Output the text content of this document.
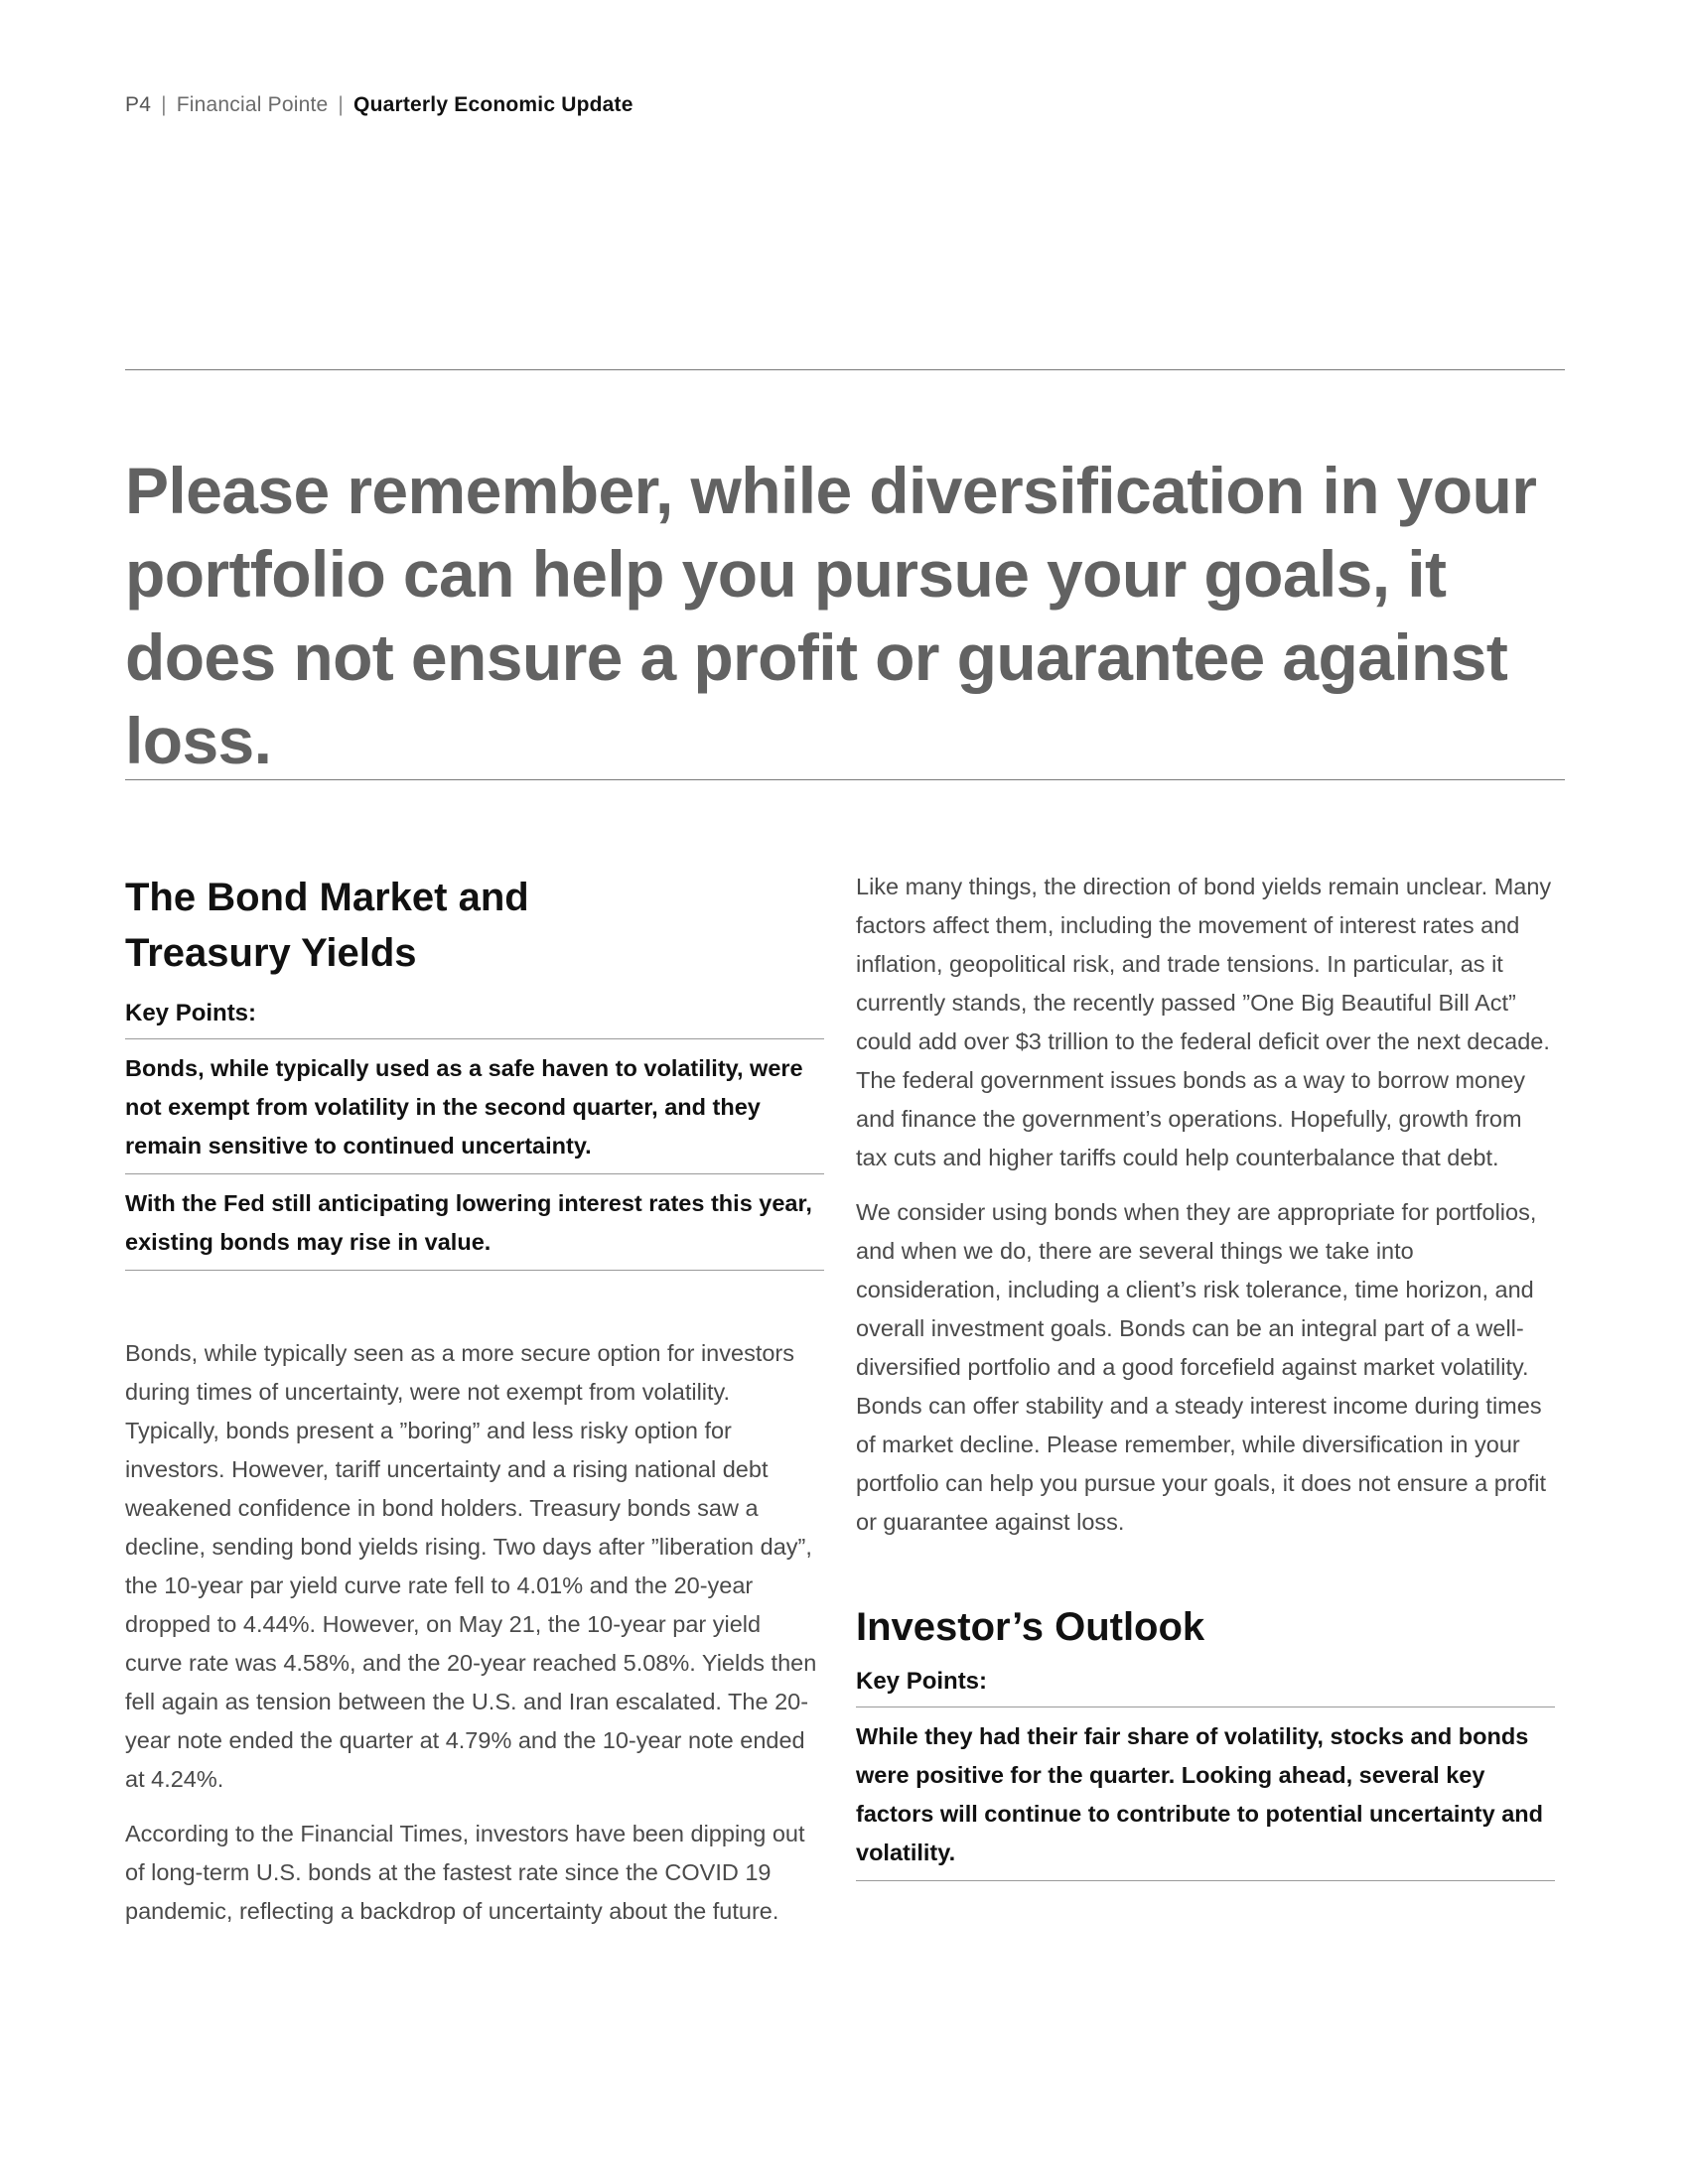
P4 | Financial Pointe | Quarterly Economic Update

Please remember, while diversification in your portfolio can help you pursue your goals, it does not ensure a profit or guarantee against loss.

The Bond Market and Treasury Yields
Key Points:
Bonds, while typically used as a safe haven to volatility, were not exempt from volatility in the second quarter, and they remain sensitive to continued uncertainty.
With the Fed still anticipating lowering interest rates this year, existing bonds may rise in value.

Bonds, while typically seen as a more secure option for investors during times of uncertainty, were not exempt from volatility. Typically, bonds present a ”boring” and less risky option for investors. However, tariff uncertainty and a rising national debt weakened confidence in bond holders. Treasury bonds saw a decline, sending bond yields rising. Two days after ”liberation day”, the 10-year par yield curve rate fell to 4.01% and the 20-year dropped to 4.44%. However, on May 21, the 10-year par yield curve rate was 4.58%, and the 20-year reached 5.08%. Yields then fell again as tension between the U.S. and Iran escalated. The 20-year note ended the quarter at 4.79% and the 10-year note ended at 4.24%.

According to the Financial Times, investors have been dipping out of long-term U.S. bonds at the fastest rate since the COVID 19 pandemic, reflecting a backdrop of uncertainty about the future.

Like many things, the direction of bond yields remain unclear. Many factors affect them, including the movement of interest rates and inflation, geopolitical risk, and trade tensions. In particular, as it currently stands, the recently passed ”One Big Beautiful Bill Act” could add over $3 trillion to the federal deficit over the next decade. The federal government issues bonds as a way to borrow money and finance the government’s operations. Hopefully, growth from tax cuts and higher tariffs could help counterbalance that debt.

We consider using bonds when they are appropriate for portfolios, and when we do, there are several things we take into consideration, including a client’s risk tolerance, time horizon, and overall investment goals. Bonds can be an integral part of a well-diversified portfolio and a good forcefield against market volatility. Bonds can offer stability and a steady interest income during times of market decline. Please remember, while diversification in your portfolio can help you pursue your goals, it does not ensure a profit or guarantee against loss.

Investor’s Outlook
Key Points:
While they had their fair share of volatility, stocks and bonds were positive for the quarter. Looking ahead, several key factors will continue to contribute to potential uncertainty and volatility.
